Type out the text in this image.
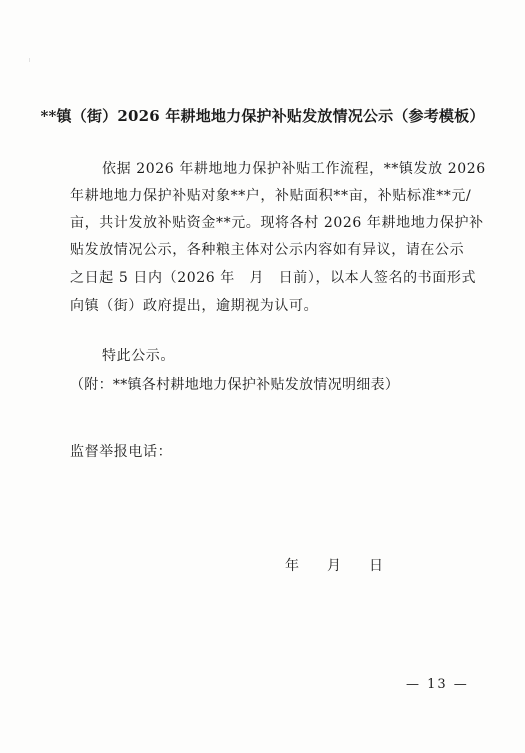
**镇（街）2026 年耕地地力保护补贴发放情况公示（参考模板）
依据 2026 年耕地地力保护补贴工作流程，**镇发放 2026
年耕地地力保护补贴对象**户，补贴面积**亩，补贴标准**元/
亩，共计发放补贴资金**元。现将各村 2026 年耕地地力保护补
贴发放情况公示，各种粮主体对公示内容如有异议，请在公示
之日起 5 日内（2026 年　月　日前），以本人签名的书面形式
向镇（街）政府提出，逾期视为认可。
特此公示。
（附：**镇各村耕地地力保护补贴发放情况明细表）
监督举报电话：
年 月 日
— 13 —
